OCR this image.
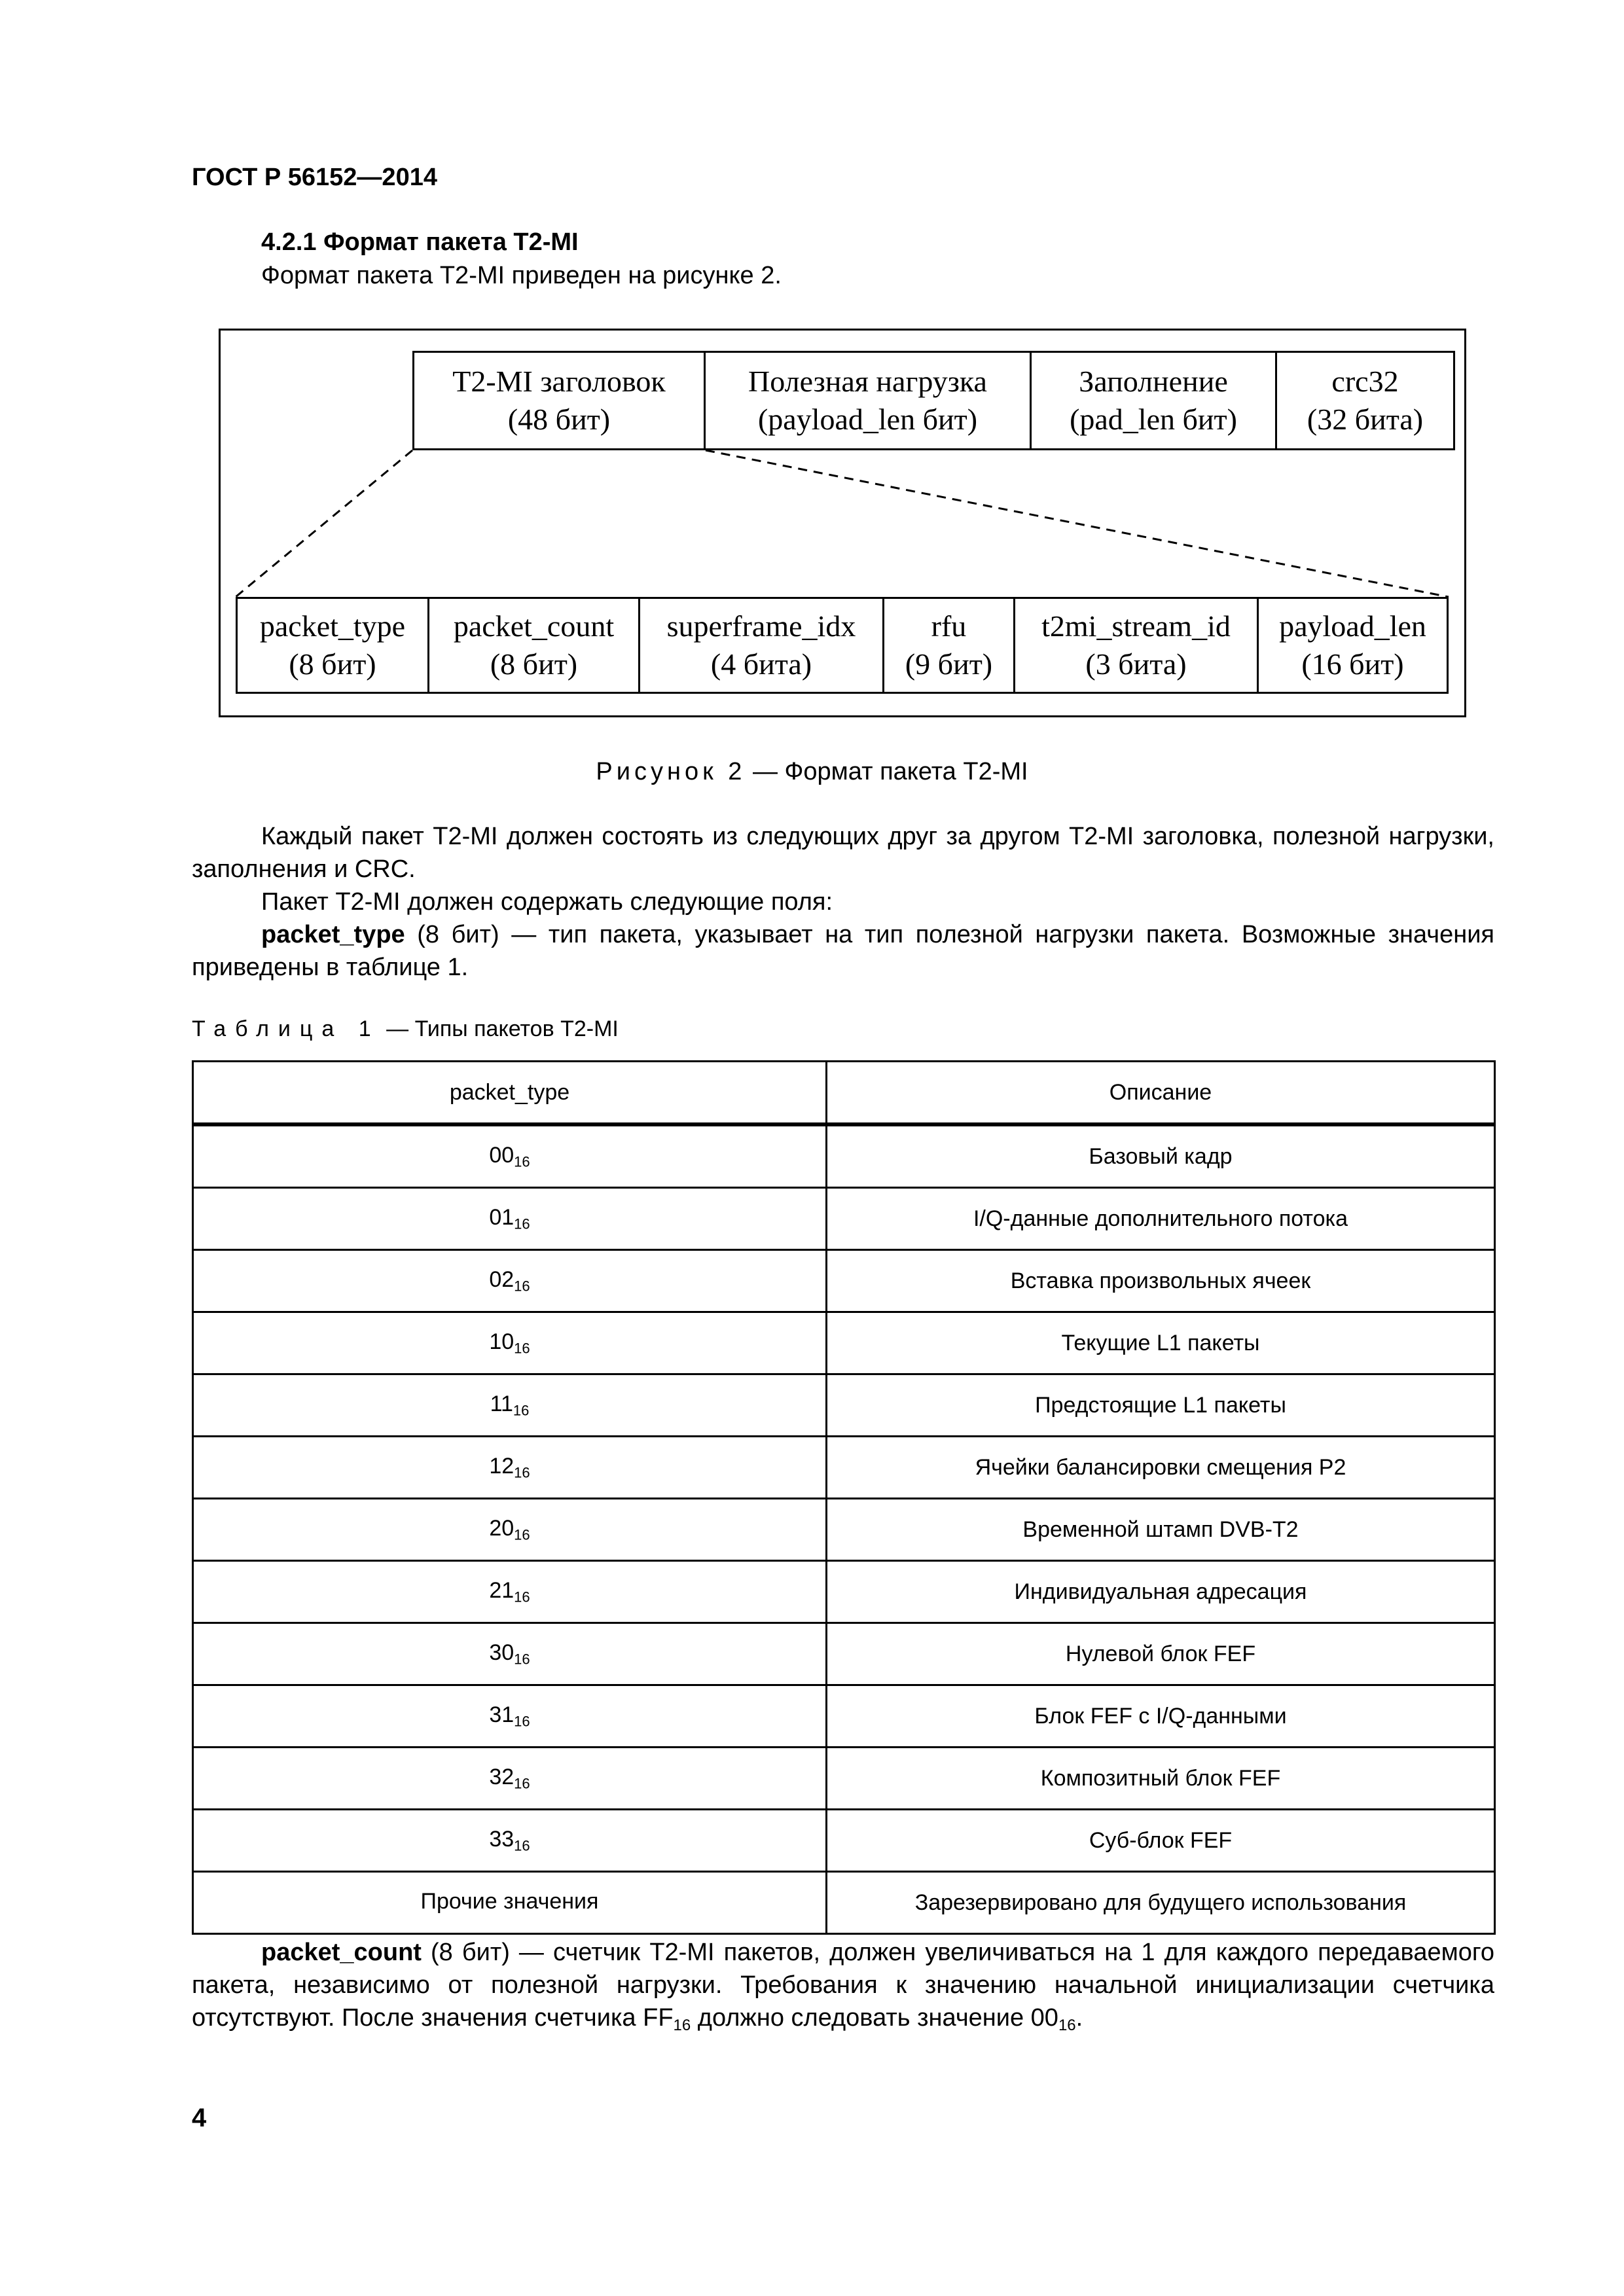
ГОСТ Р 56152—2014
4.2.1 Формат пакета T2-MI
Формат пакета T2-MI приведен на рисунке 2.
T2-MI заголовок
(48 бит)
Полезная нагрузка
(payload_len бит)
Заполнение
(pad_len бит)
crc32
(32 бита)
packet_type
(8 бит)
packet_count
(8 бит)
superframe_idx
(4 бита)
rfu
(9 бит)
t2mi_stream_id
(3 бита)
payload_len
(16 бит)
Рисунок 2 — Формат пакета T2-MI
Каждый пакет T2-MI должен состоять из следующих друг за другом T2-MI заголовка, полезной нагрузки, заполнения и CRC.
Пакет T2-MI должен содержать следующие поля:
packet_type (8 бит) — тип пакета, указывает на тип полезной нагрузки пакета. Возможные значения приведены в таблице 1.
Таблица 1 — Типы пакетов T2-MI
packet_type	Описание
$00_{16}$	Базовый кадр
$01_{16}$	I/Q-данные дополнительного потока
$02_{16}$	Вставка произвольных ячеек
$10_{16}$	Текущие L1 пакеты
$11_{16}$	Предстоящие L1 пакеты
$12_{16}$	Ячейки балансировки смещения P2
$20_{16}$	Временной штамп DVB-T2
$21_{16}$	Индивидуальная адресация
$30_{16}$	Нулевой блок FEF
$31_{16}$	Блок FEF с I/Q-данными
$32_{16}$	Композитный блок FEF
$33_{16}$	Суб-блок FEF
Прочие значения	Зарезервировано для будущего использования
packet_count (8 бит) — счетчик T2-MI пакетов, должен увеличиваться на 1 для каждого передаваемого пакета, независимо от полезной нагрузки. Требования к значению начальной инициализации счетчика отсутствуют. После значения счетчика $FF_{16}$ должно следовать значение $00_{16}$.
4
